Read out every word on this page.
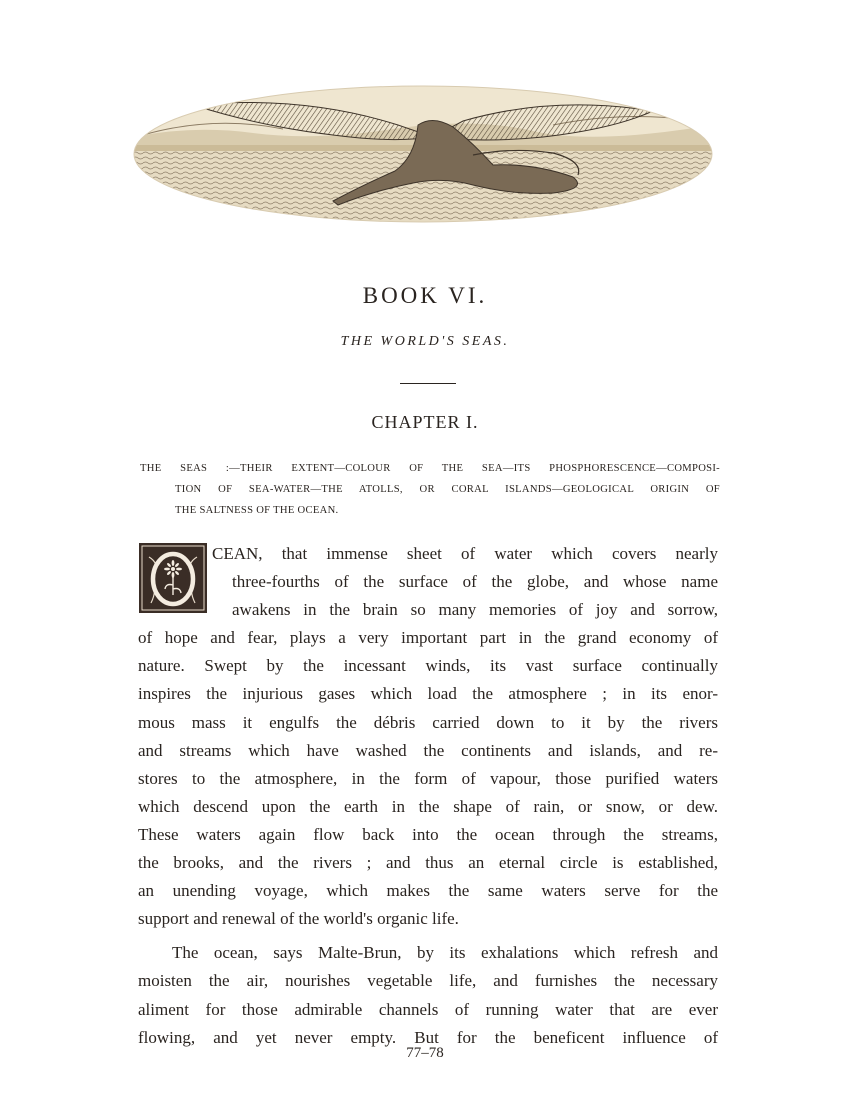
BOOK VI.
THE WORLD'S SEAS.
CHAPTER I.
THE SEAS :—THEIR EXTENT—COLOUR OF THE SEA—ITS PHOSPHORESCENCE—COMPOSI-
TION OF SEA-WATER—THE ATOLLS, OR CORAL ISLANDS—GEOLOGICAL ORIGIN OF
THE SALTNESS OF THE OCEAN.
CEAN, that immense sheet of water which covers nearly
three-fourths of the surface of the globe, and whose name
awakens in the brain so many memories of joy and sorrow,
of hope and fear, plays a very important part in the grand economy of
nature. Swept by the incessant winds, its vast surface continually
inspires the injurious gases which load the atmosphere ; in its enor-
mous mass it engulfs the débris carried down to it by the rivers
and streams which have washed the continents and islands, and re-
stores to the atmosphere, in the form of vapour, those purified waters
which descend upon the earth in the shape of rain, or snow, or dew.
These waters again flow back into the ocean through the streams,
the brooks, and the rivers ; and thus an eternal circle is established,
an unending voyage, which makes the same waters serve for the
support and renewal of the world's organic life.
The ocean, says Malte-Brun, by its exhalations which refresh and
moisten the air, nourishes vegetable life, and furnishes the necessary
aliment for those admirable channels of running water that are ever
flowing, and yet never empty. But for the beneficent influence of
77–78
